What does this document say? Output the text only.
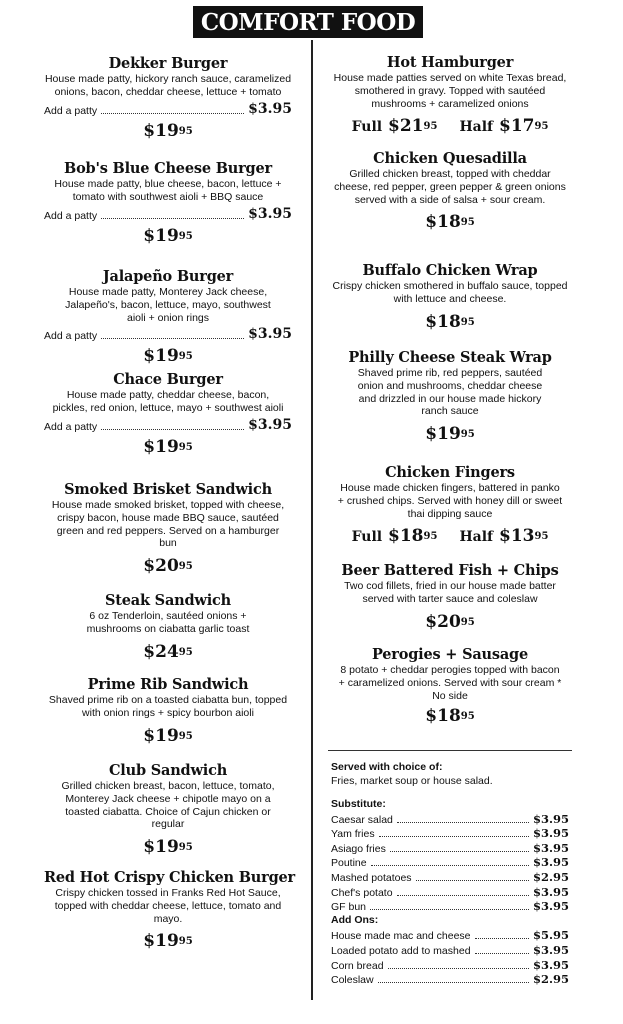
COMFORT FOOD
Dekker Burger
House made patty, hickory ranch sauce, caramelized onions, bacon, cheddar cheese, lettuce + tomato
Add a patty	$3.95
$\$19^{95}$
Bob's Blue Cheese Burger
House made patty, blue cheese, bacon, lettuce + tomato with southwest aioli + BBQ sauce
Add a patty	$3.95
$\$19^{95}$
Jalapeño Burger
House made patty, Monterey Jack cheese, Jalapeño's, bacon, lettuce, mayo, southwest aioli + onion rings
Add a patty	$3.95
$\$19^{95}$
Chace Burger
House made patty, cheddar cheese, bacon, pickles, red onion, lettuce, mayo + southwest aioli
Add a patty	$3.95
$\$19^{95}$
Smoked Brisket Sandwich
House made smoked brisket, topped with cheese, crispy bacon, house made BBQ sauce, sautéed green and red peppers. Served on a hamburger bun
$\$20^{95}$
Steak Sandwich
6 oz Tenderloin, sautéed onions + mushrooms on ciabatta garlic toast
$\$24^{95}$
Prime Rib Sandwich
Shaved prime rib on a toasted ciabatta bun, topped with onion rings + spicy bourbon aioli
$\$19^{95}$
Club Sandwich
Grilled chicken breast, bacon, lettuce, tomato, Monterey Jack cheese + chipotle mayo on a toasted ciabatta. Choice of Cajun chicken or regular
$\$19^{95}$
Red Hot Crispy Chicken Burger
Crispy chicken tossed in Franks Red Hot Sauce, topped with cheddar cheese, lettuce, tomato and mayo.
$\$19^{95}$
Hot Hamburger
House made patties served on white Texas bread, smothered in gravy. Topped with sautéed mushrooms + caramelized onions
Full $\$21^{95}$ Half $\$17^{95}$
Chicken Quesadilla
Grilled chicken breast, topped with cheddar cheese, red pepper, green pepper & green onions served with a side of salsa + sour cream.
$\$18^{95}$
Buffalo Chicken Wrap
Crispy chicken smothered in buffalo sauce, topped with lettuce and cheese.
$\$18^{95}$
Philly Cheese Steak Wrap
Shaved prime rib, red peppers, sautéed onion and mushrooms, cheddar cheese and drizzled in our house made hickory ranch sauce
$\$19^{95}$
Chicken Fingers
House made chicken fingers, battered in panko + crushed chips. Served with honey dill or sweet thai dipping sauce
Full $\$18^{95}$ Half $\$13^{95}$
Beer Battered Fish + Chips
Two cod fillets, fried in our house made batter served with tarter sauce and coleslaw
$\$20^{95}$
Perogies + Sausage
8 potato + cheddar perogies topped with bacon + caramelized onions. Served with sour cream * No side
$\$18^{95}$
Served with choice of:
Fries, market soup or house salad.
Substitute:
Caesar salad	$3.95
Yam fries	$3.95
Asiago fries	$3.95
Poutine	$3.95
Mashed potatoes	$2.95
Chef's potato	$3.95
GF bun	$3.95
Add Ons:
House made mac and cheese	$5.95
Loaded potato add to mashed	$3.95
Corn bread	$3.95
Coleslaw	$2.95
